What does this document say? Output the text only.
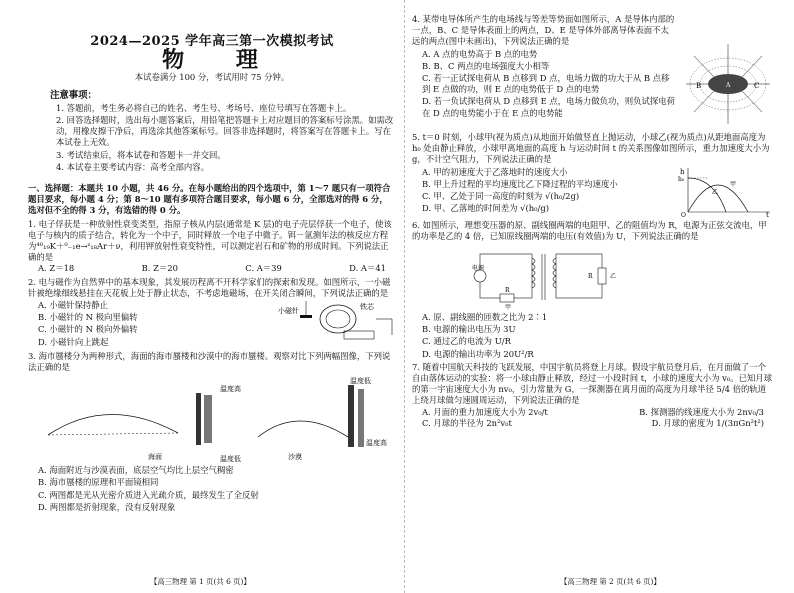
2024—2025 学年高三第一次模拟考试
物 理
本试卷满分 100 分，考试用时 75 分钟。
注意事项：

1. 答题前，考生务必将自己的姓名、考生号、考场号、座位号填写在答题卡上。

2. 回答选择题时，选出每小题答案后，用铅笔把答题卡上对应题目的答案标号涂黑。如需改动，用橡皮擦干净后，再选涂其他答案标号。回答非选择题时，将答案写在答题卡上。写在本试卷上无效。

3. 考试结束后，将本试卷和答题卡一并交回。

4. 本试卷主要考试内容：高考全部内容。

一、选择题：本题共 10 小题，共 46 分。在每小题给出的四个选项中，第 1～7 题只有一项符合题目要求，每小题 4 分；第 8～10 题有多项符合题目要求，每小题 6 分，全部选对的得 6 分，选对但不全的得 3 分，有选错的得 0 分。
1. 电子俘获是一种放射性衰变类型，指原子核从内层(通常是 K 层)的电子壳层俘获一个电子，使该电子与核内的质子结合，转化为一个中子，同时释放一个电子中微子。铒－氩测年法的核反应方程为⁴⁰₁₉K＋⁰₋₁e→ᶻ₁₈Ar＋ν，利用钾放射性衰变特性，可以测定岩石和矿物的形成时间。下列说法正确的是
A. Z＝18	B. Z＝20	C. A＝39	D. A＝41
2. 电与磁作为自然界中的基本现象，其发展历程离不开科学家们的探索和发现。如图所示，一小磁针被绝缘细线悬挂在天花板上处于静止状态，不考虑地磁场，在开关闭合瞬间，下列说法正确的是
A. 小磁针保持静止
B. 小磁针的 N 极向里偏转
C. 小磁针的 N 极向外偏转
D. 小磁针向上跳起
小磁针	铁芯
3. 海市蜃楼分为两种形式，海面的海市蜃楼和沙漠中的海市蜃楼。观察对比下列两幅图像，下列说法正确的是
温度高
温度低
海面
温度低
温度高
沙漠
A. 海面附近与沙漠表面，底层空气均比上层空气稠密
B. 海市蜃楼的原理和平面镜相同
C. 两图都是光从光密介质进入光疏介质，最终发生了全反射
D. 两图都是折射现象，没有反射现象
【高三物理 第 1 页(共 6 页)】
4. 某带电导体所产生的电场线与等差等势面如图所示，A 是导体内部的一点，B、C 是导体表面上的两点，D、E 是导体外部离导体表面不太远的两点(图中未画出)，下列说法正确的是
A. A 点的电势高于 B 点的电势
B. B、C 两点的电场强度大小相等
C. 若一正试探电荷从 B 点移到 D 点，电场力做的功大于从 B 点移到 E 点做的功，则 E 点的电势低于 D 点的电势
D. 若一负试探电荷从 D 点移到 E 点，电场力做负功，则负试探电荷在 D 点的电势能小于在 E 点的电势能
B	A	C
5. t＝0 时刻，小球甲(视为质点)从地面开始做竖直上抛运动，小球乙(视为质点)从距地面高度为 h₀ 处由静止释放，小球甲离地面的高度 h 与运动时间 t 的关系图像如图所示，重力加速度大小为 g，不计空气阻力，下列说法正确的是
A. 甲的初速度大于乙落地时的速度大小
B. 甲上升过程的平均速度比乙下降过程的平均速度小
C. 甲、乙处于同一高度的时刻为 √(h₀/2g)
D. 甲、乙落地的时间差为 √(h₀/g)
h
h₀
甲
乙
O	t
6. 如图所示，理想变压器的原、副线圈两端的电阻甲、乙的阻值均为 R，电源为正弦交流电，甲的功率是乙的 4 倍，已知原线圈两端的电压(有效值)为 U，下列说法正确的是
电源
R
甲
R	乙
A. 原、副线圈的匝数之比为 2∶1
B. 电源的输出电压为 3U
C. 通过乙的电流为 U/R
D. 电源的输出功率为 20U²/R
7. 随着中国航天科技的飞跃发展，中国宇航员将登上月球。假设宇航员登月后，在月面做了一个自由落体运动的实验：将一小球由静止释放，经过一小段时间 t，小球的速度大小为 v₀。已知月球的第一宇宙速度大小为 nv₀，引力常量为 G，一探测器在离月面的高度为月球半径 5/4 倍的轨道上绕月球做匀速圆周运动，下列说法正确的是
A. 月面的重力加速度大小为 2v₀/t	B. 探测器的线速度大小为 2nv₀/3
C. 月球的半径为 2n²v₀t	D. 月球的密度为 1/(3πGn²t²)
【高三物理 第 2 页(共 6 页)】
